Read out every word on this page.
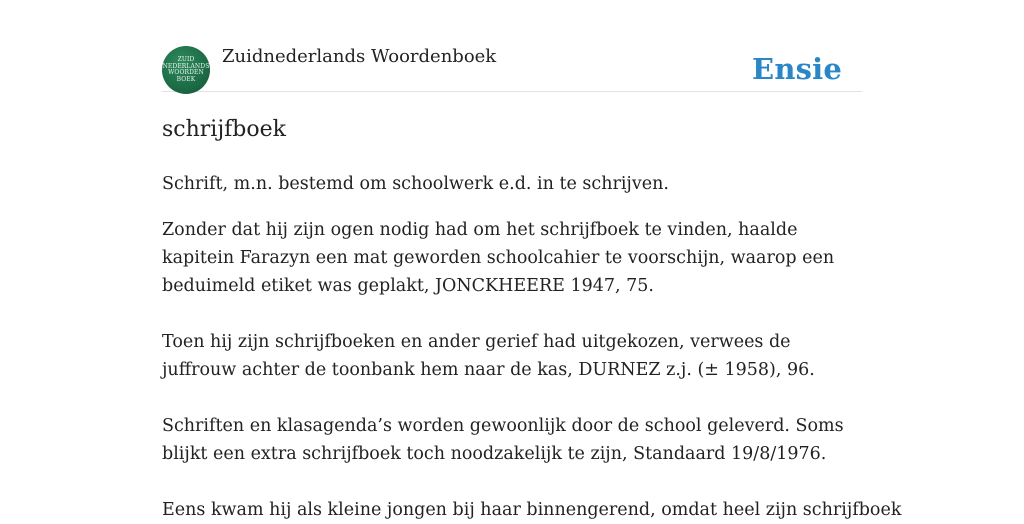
ZUID
NEDERLANDS
WOORDEN
BOEK
Zuidnederlands Woordenboek	Ensie
schrijfboek

Schrift, m.n. bestemd om schoolwerk e.d. in te schrijven.

Zonder dat hij zijn ogen nodig had om het schrijfboek te vinden, haalde kapitein Farazyn een mat geworden schoolcahier te voorschijn, waarop een beduimeld etiket was geplakt, JONCKHEERE 1947, 75.

Toen hij zijn schrijfboeken en ander gerief had uitgekozen, verwees de juffrouw achter de toonbank hem naar de kas, DURNEZ z.j. (± 1958), 96.

Schriften en klasagenda’s worden gewoonlijk door de school geleverd. Soms blijkt een extra schrijfboek toch noodzakelijk te zijn, Standaard 19/8/1976.

Eens kwam hij als kleine jongen bij haar binnengerend, omdat heel zijn schrijfboek
